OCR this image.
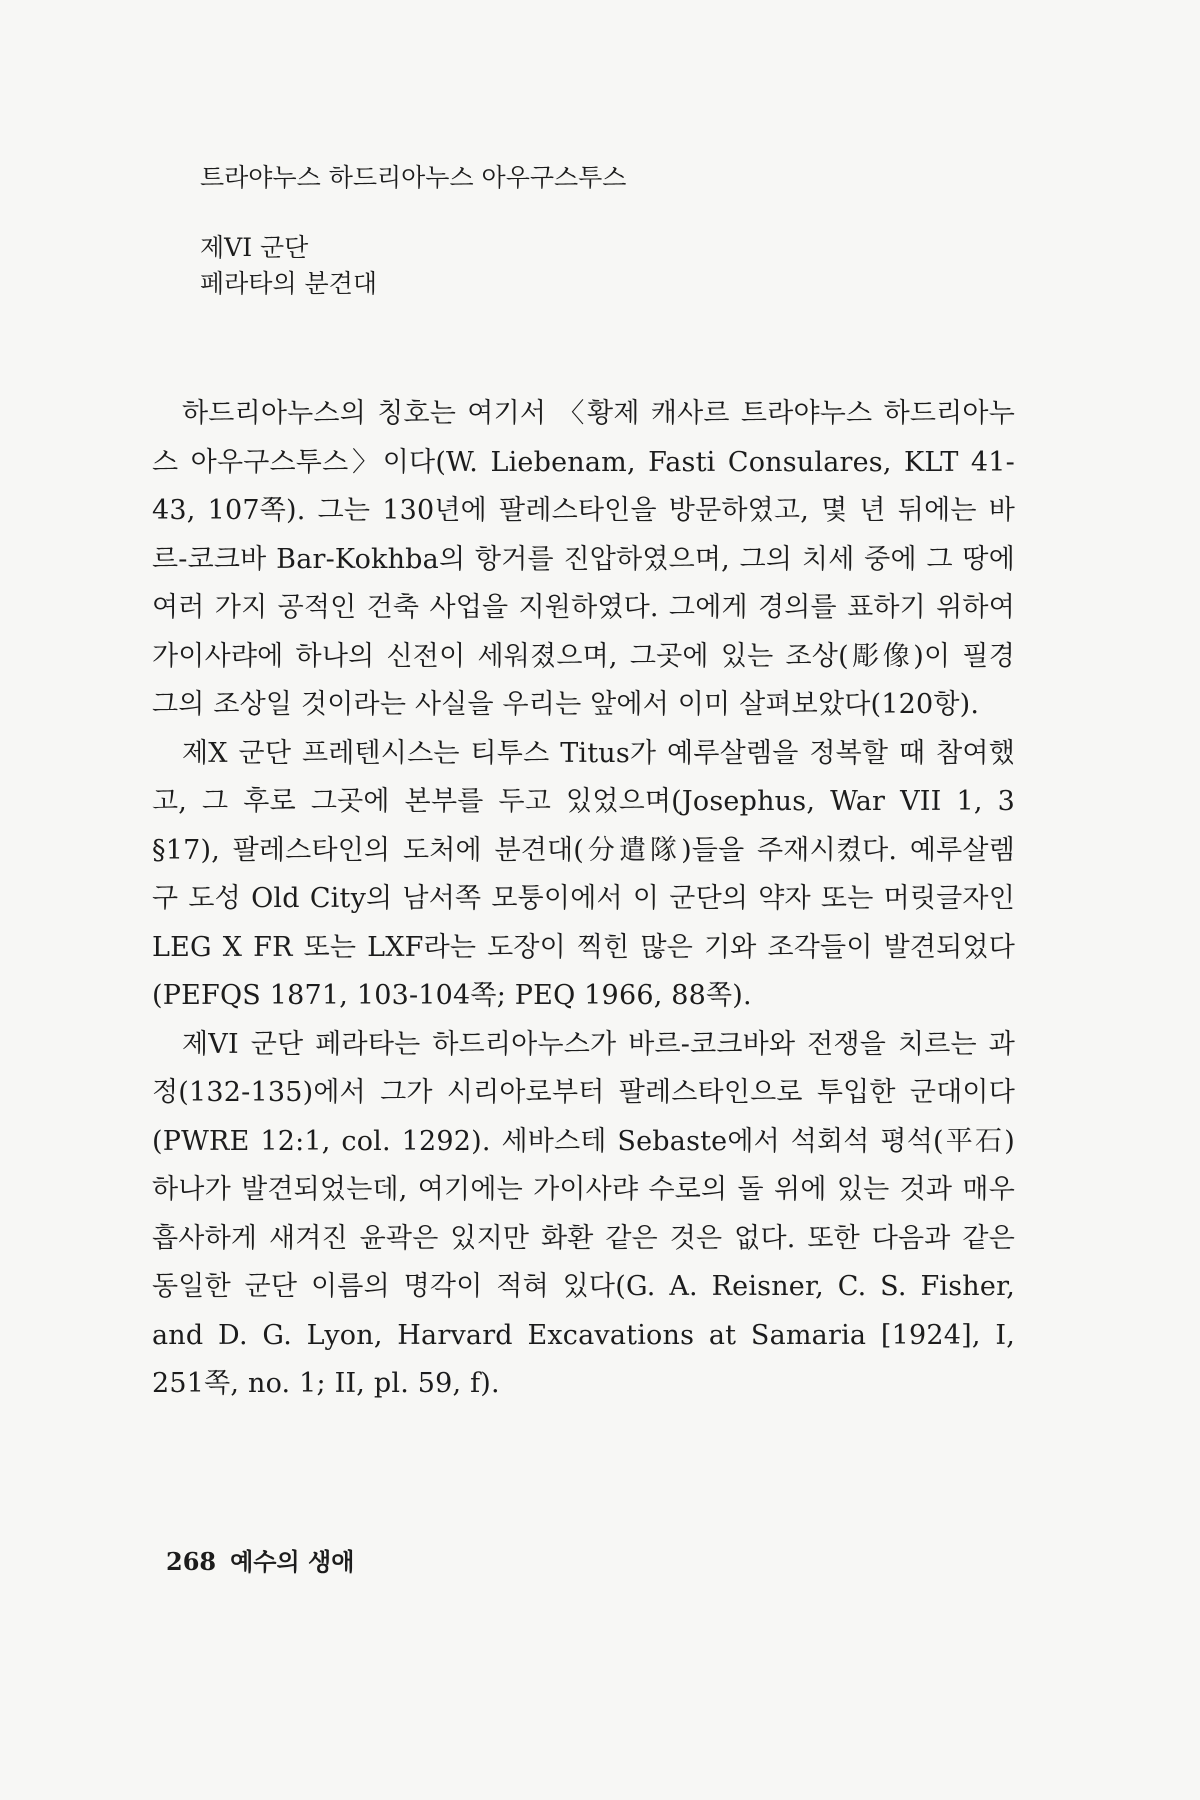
트라야누스 하드리아누스 아우구스투스
제VI 군단
페라타의 분견대

하드리아누스의 칭호는 여기서 〈황제 캐사르 트라야누스 하드리아누스 아우구스투스〉이다(W. Liebenam, Fasti Consulares, KLT 41-43, 107쪽). 그는 130년에 팔레스타인을 방문하였고, 몇 년 뒤에는 바르-코크바 Bar-Kokhba의 항거를 진압하였으며, 그의 치세 중에 그 땅에 여러 가지 공적인 건축 사업을 지원하였다. 그에게 경의를 표하기 위하여 가이사랴에 하나의 신전이 세워졌으며, 그곳에 있는 조상(彫像)이 필경 그의 조상일 것이라는 사실을 우리는 앞에서 이미 살펴보았다(120항).

제X 군단 프레텐시스는 티투스 Titus가 예루살렘을 정복할 때 참여했고, 그 후로 그곳에 본부를 두고 있었으며(Josephus, War VII 1, 3 §17), 팔레스타인의 도처에 분견대(分遣隊)들을 주재시켰다. 예루살렘 구 도성 Old City의 남서쪽 모퉁이에서 이 군단의 약자 또는 머릿글자인 LEG X FR 또는 LXF라는 도장이 찍힌 많은 기와 조각들이 발견되었다(PEFQS 1871, 103-104쪽; PEQ 1966, 88쪽).

제VI 군단 페라타는 하드리아누스가 바르-코크바와 전쟁을 치르는 과정(132-135)에서 그가 시리아로부터 팔레스타인으로 투입한 군대이다(PWRE 12:1, col. 1292). 세바스테 Sebaste에서 석회석 평석(平石) 하나가 발견되었는데, 여기에는 가이사랴 수로의 돌 위에 있는 것과 매우 흡사하게 새겨진 윤곽은 있지만 화환 같은 것은 없다. 또한 다음과 같은 동일한 군단 이름의 명각이 적혀 있다(G. A. Reisner, C. S. Fisher, and D. G. Lyon, Harvard Excavations at Samaria [1924], I, 251쪽, no. 1; II, pl. 59, f).

268 예수의 생애
